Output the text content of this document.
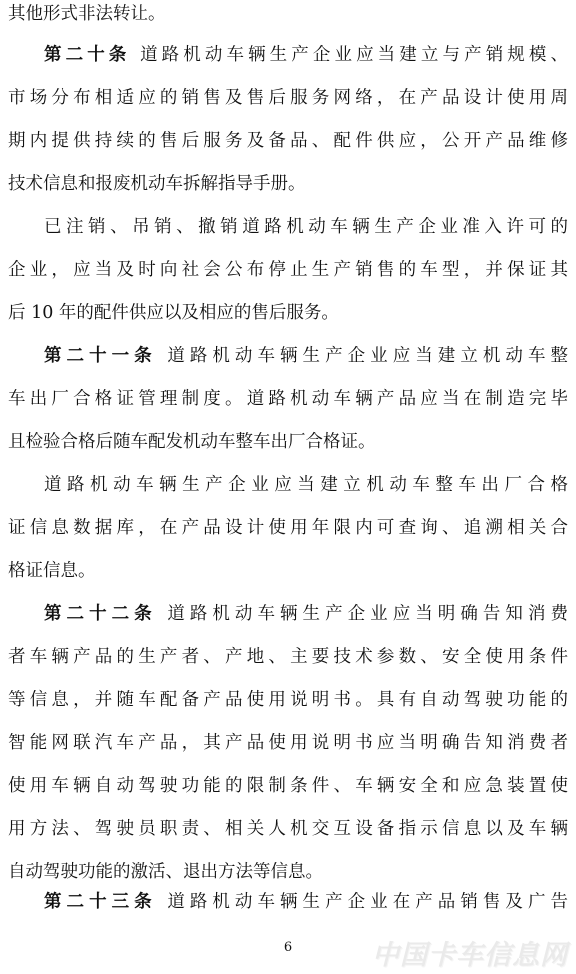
其他形式非法转让。
第二十条 道路机动车辆生产企业应当建立与产销规模、
市场分布相适应的销售及售后服务网络，在产品设计使用周
期内提供持续的售后服务及备品、配件供应，公开产品维修
技术信息和报废机动车拆解指导手册。
已注销、吊销、撤销道路机动车辆生产企业准入许可的
企业，应当及时向社会公布停止生产销售的车型，并保证其
后 10 年的配件供应以及相应的售后服务。
第二十一条 道路机动车辆生产企业应当建立机动车整
车出厂合格证管理制度。道路机动车辆产品应当在制造完毕
且检验合格后随车配发机动车整车出厂合格证。
道路机动车辆生产企业应当建立机动车整车出厂合格
证信息数据库，在产品设计使用年限内可查询、追溯相关合
格证信息。
第二十二条 道路机动车辆生产企业应当明确告知消费
者车辆产品的生产者、产地、主要技术参数、安全使用条件
等信息，并随车配备产品使用说明书。具有自动驾驶功能的
智能网联汽车产品，其产品使用说明书应当明确告知消费者
使用车辆自动驾驶功能的限制条件、车辆安全和应急装置使
用方法、驾驶员职责、相关人机交互设备指示信息以及车辆
自动驾驶功能的激活、退出方法等信息。
第二十三条 道路机动车辆生产企业在产品销售及广告
中国卡车信息网
6
